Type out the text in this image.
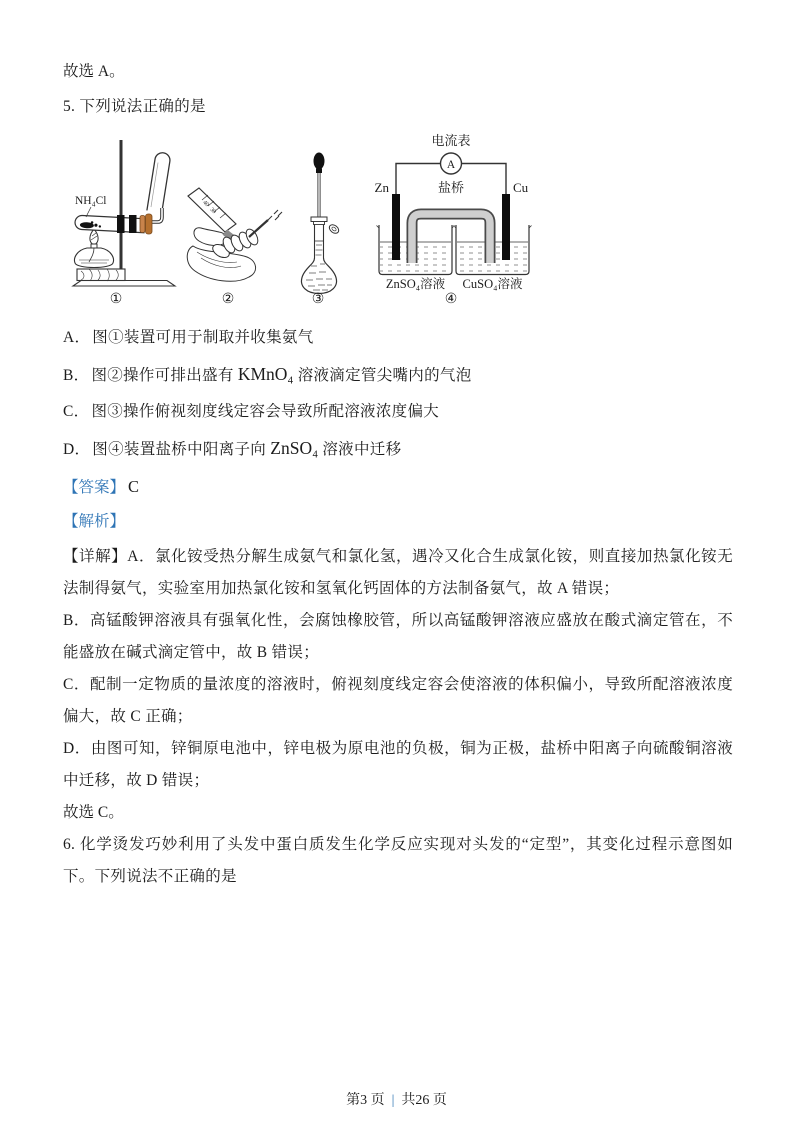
故选 A。

5. 下列说法正确的是

NH₄Cl	40
30
电流表
A
Zn	Cu
盐桥
ZnSO₄溶液 CuSO₄溶液
①	②	③	④

A． 图①装置可用于制取并收集氨气

B． 图②操作可排出盛有 KMnO₄ 溶液滴定管尖嘴内的气泡

C． 图③操作俯视刻度线定容会导致所配溶液浓度偏大

D． 图④装置盐桥中阳离子向 ZnSO₄ 溶液中迁移

【答案】 C

【解析】

【详解】A．氯化铵受热分解生成氨气和氯化氢，遇冷又化合生成氯化铵，则直接加热氯化铵无法制得氨气，实验室用加热氯化铵和氢氧化钙固体的方法制备氨气，故 A 错误；

B．高锰酸钾溶液具有强氧化性，会腐蚀橡胶管，所以高锰酸钾溶液应盛放在酸式滴定管在，不能盛放在碱式滴定管中，故 B 错误；

C．配制一定物质的量浓度的溶液时，俯视刻度线定容会使溶液的体积偏小，导致所配溶液浓度偏大，故 C 正确；

D．由图可知，锌铜原电池中，锌电极为原电池的负极，铜为正极，盐桥中阳离子向硫酸铜溶液中迁移，故 D 错误；

故选 C。

6. 化学烫发巧妙利用了头发中蛋白质发生化学反应实现对头发的“定型”，其变化过程示意图如下。下列说法不正确的是

第3 页 | 共26 页
